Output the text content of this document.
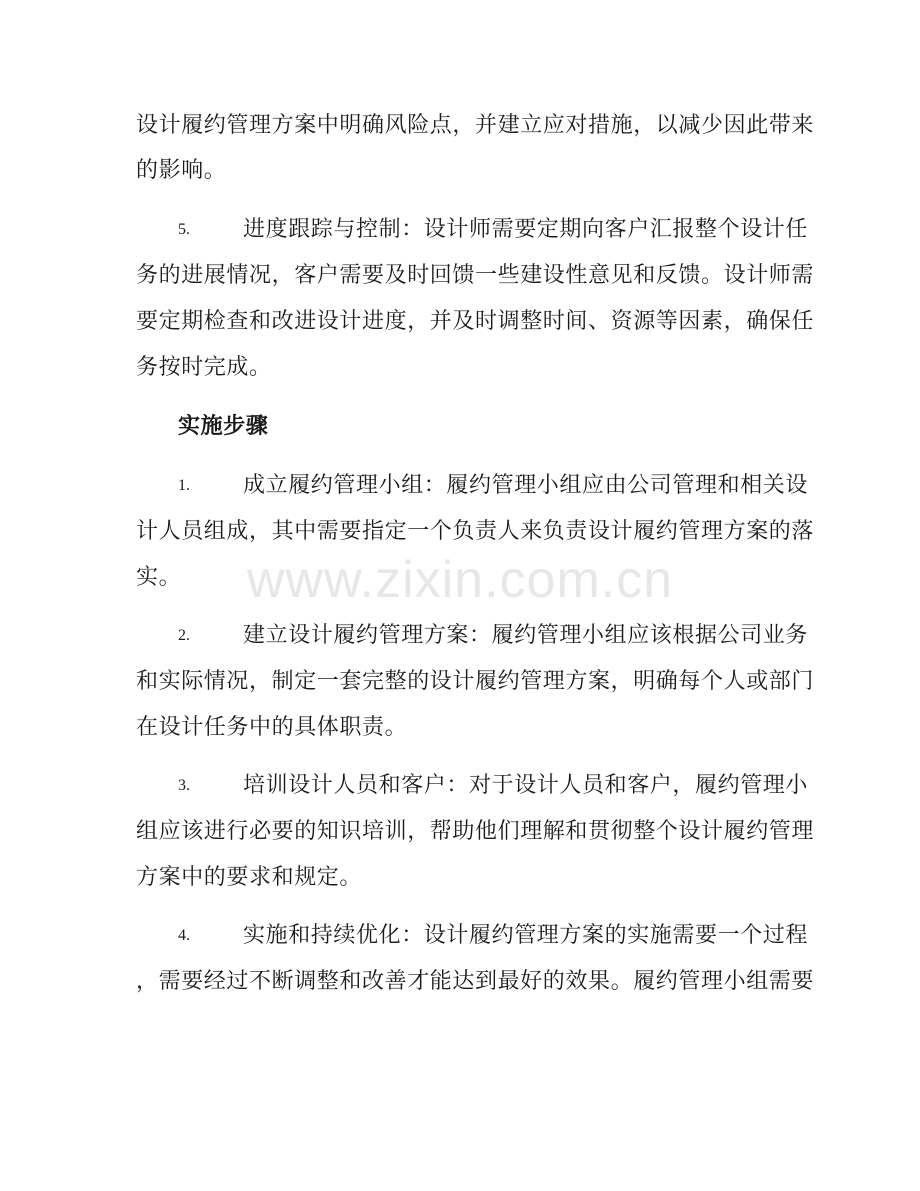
设计履约管理方案中明确风险点，并建立应对措施，以减少因此带来
的影响。
5. 进度跟踪与控制：设计师需要定期向客户汇报整个设计任
务的进展情况，客户需要及时回馈一些建设性意见和反馈。设计师需
要定期检查和改进设计进度，并及时调整时间、资源等因素，确保任
务按时完成。
实施步骤
1. 成立履约管理小组：履约管理小组应由公司管理和相关设
计人员组成，其中需要指定一个负责人来负责设计履约管理方案的落
实。
2. 建立设计履约管理方案：履约管理小组应该根据公司业务
和实际情况，制定一套完整的设计履约管理方案，明确每个人或部门
在设计任务中的具体职责。
3. 培训设计人员和客户：对于设计人员和客户，履约管理小
组应该进行必要的知识培训，帮助他们理解和贯彻整个设计履约管理
方案中的要求和规定。
4. 实施和持续优化：设计履约管理方案的实施需要一个过程
，需要经过不断调整和改善才能达到最好的效果。履约管理小组需要
www.zixin.com.cn
